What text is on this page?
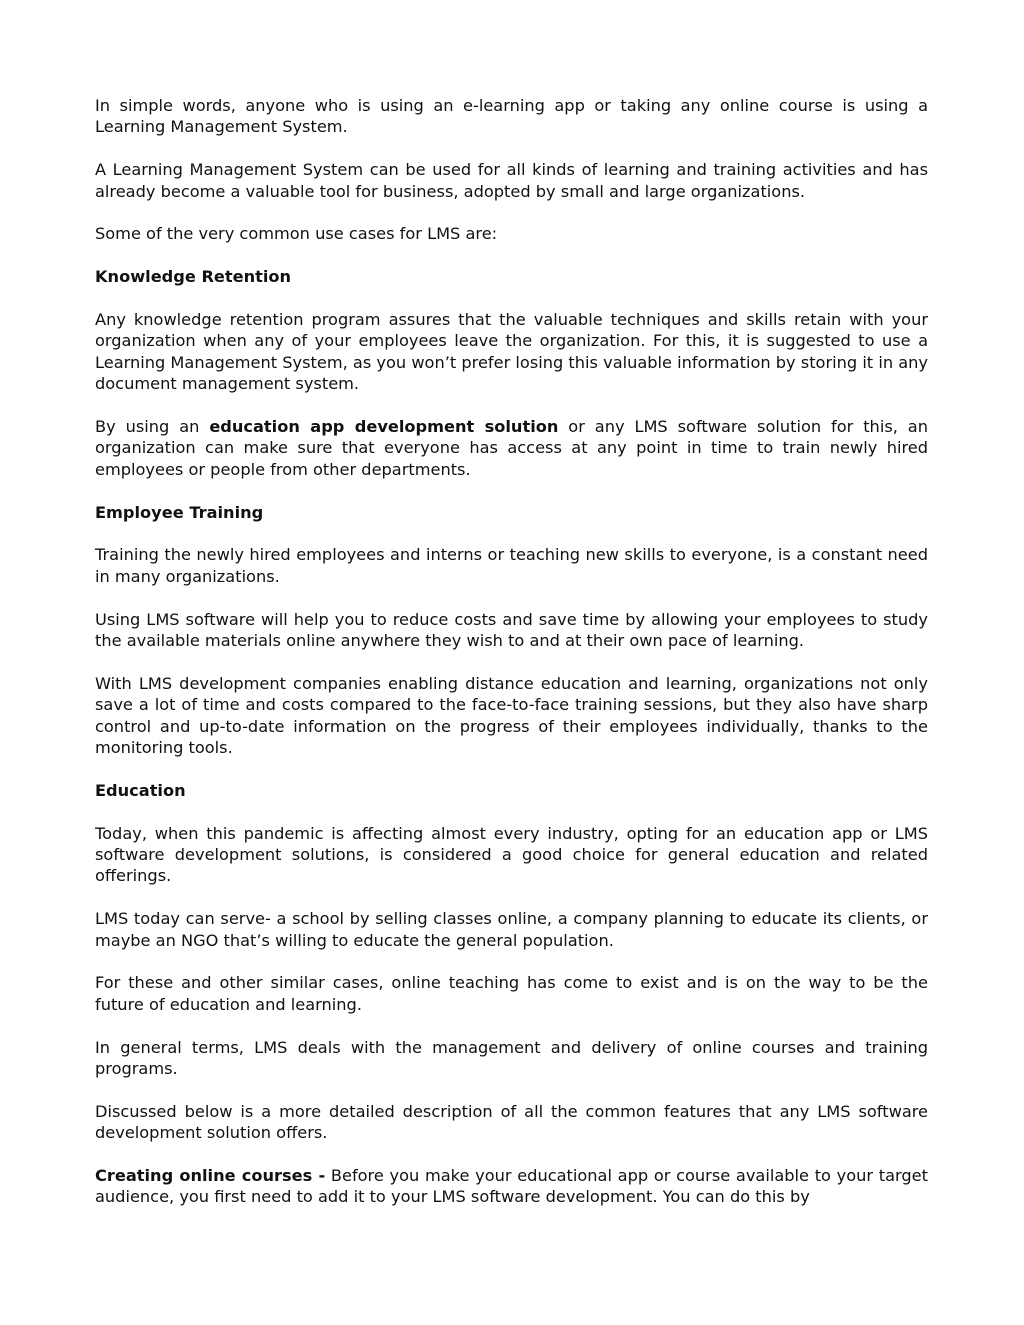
In simple words, anyone who is using an e-learning app or taking any online course is using a Learning Management System.

A Learning Management System can be used for all kinds of learning and training activities and has already become a valuable tool for business, adopted by small and large organizations.

Some of the very common use cases for LMS are:

Knowledge Retention

Any knowledge retention program assures that the valuable techniques and skills retain with your organization when any of your employees leave the organization. For this, it is suggested to use a Learning Management System, as you won’t prefer losing this valuable information by storing it in any document management system.

By using an education app development solution or any LMS software solution for this, an organization can make sure that everyone has access at any point in time to train newly hired employees or people from other departments.

Employee Training

Training the newly hired employees and interns or teaching new skills to everyone, is a constant need in many organizations.

Using LMS software will help you to reduce costs and save time by allowing your employees to study the available materials online anywhere they wish to and at their own pace of learning.

With LMS development companies enabling distance education and learning, organizations not only save a lot of time and costs compared to the face-to-face training sessions, but they also have sharp control and up-to-date information on the progress of their employees individually, thanks to the monitoring tools.

Education

Today, when this pandemic is affecting almost every industry, opting for an education app or LMS software development solutions, is considered a good choice for general education and related offerings.

LMS today can serve- a school by selling classes online, a company planning to educate its clients, or maybe an NGO that’s willing to educate the general population.

For these and other similar cases, online teaching has come to exist and is on the way to be the future of education and learning.

In general terms, LMS deals with the management and delivery of online courses and training programs.

Discussed below is a more detailed description of all the common features that any LMS software development solution offers.

Creating online courses - Before you make your educational app or course available to your target audience, you first need to add it to your LMS software development. You can do this by
